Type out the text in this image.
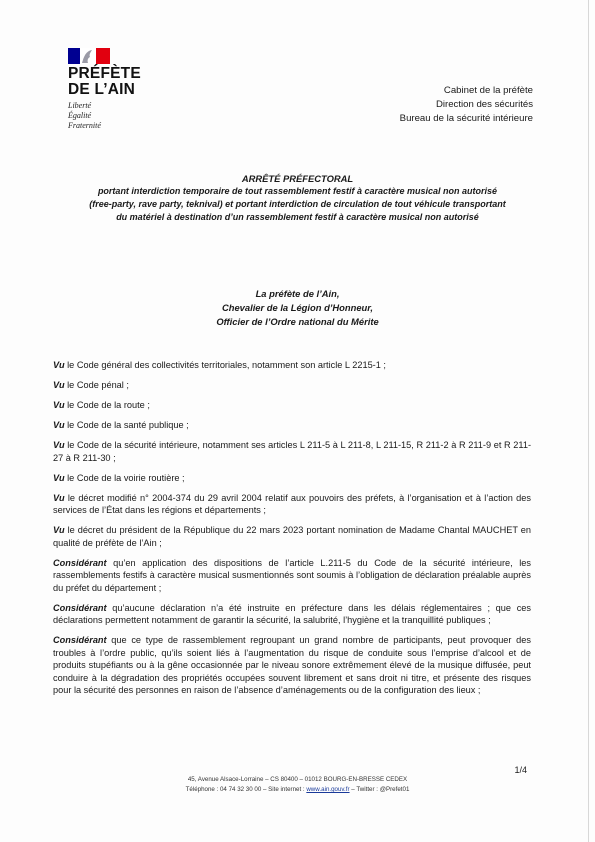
PRÉFÈTE
DE L’AIN
Liberté
Égalité
Fraternité
Cabinet de la préfète
Direction des sécurités
Bureau de la sécurité intérieure
ARRÊTÉ PRÉFECTORAL
portant interdiction temporaire de tout rassemblement festif à caractère musical non autorisé
(free-party, rave party, teknival) et portant interdiction de circulation de tout véhicule transportant
du matériel à destination d’un rassemblement festif à caractère musical non autorisé
La préfète de l’Ain,
Chevalier de la Légion d’Honneur,
Officier de l’Ordre national du Mérite

Vu le Code général des collectivités territoriales, notamment son article L 2215-1 ;

Vu le Code pénal ;

Vu le Code de la route ;

Vu le Code de la santé publique ;

Vu le Code de la sécurité intérieure, notamment ses articles L 211-5 à L 211-8, L 211-15, R 211-2 à R 211-9 et R 211-27 à R 211-30 ;

Vu le Code de la voirie routière ;

Vu le décret modifié n° 2004-374 du 29 avril 2004 relatif aux pouvoirs des préfets, à l’organisation et à l’action des services de l’État dans les régions et départements ;

Vu le décret du président de la République du 22 mars 2023 portant nomination de Madame Chantal MAUCHET en qualité de préfète de l’Ain ;

Considérant qu’en application des dispositions de l’article L.211-5 du Code de la sécurité intérieure, les rassemblements festifs à caractère musical susmentionnés sont soumis à l’obligation de déclaration préalable auprès du préfet du département ;

Considérant qu’aucune déclaration n’a été instruite en préfecture dans les délais réglementaires ; que ces déclarations permettent notamment de garantir la sécurité, la salubrité, l’hygiène et la tranquillité publiques ;

Considérant que ce type de rassemblement regroupant un grand nombre de participants, peut provoquer des troubles à l’ordre public, qu’ils soient liés à l’augmentation du risque de conduite sous l’emprise d’alcool et de produits stupéfiants ou à la gêne occasionnée par le niveau sonore extrêmement élevé de la musique diffusée, peut conduire à la dégradation des propriétés occupées souvent librement et sans droit ni titre, et présente des risques pour la sécurité des personnes en raison de l’absence d’aménagements ou de la configuration des lieux ;

1/4
45, Avenue Alsace-Lorraine – CS 80400 – 01012 BOURG-EN-BRESSE CEDEX
Téléphone : 04 74 32 30 00 – Site internet : www.ain.gouv.fr – Twitter : @Prefet01
